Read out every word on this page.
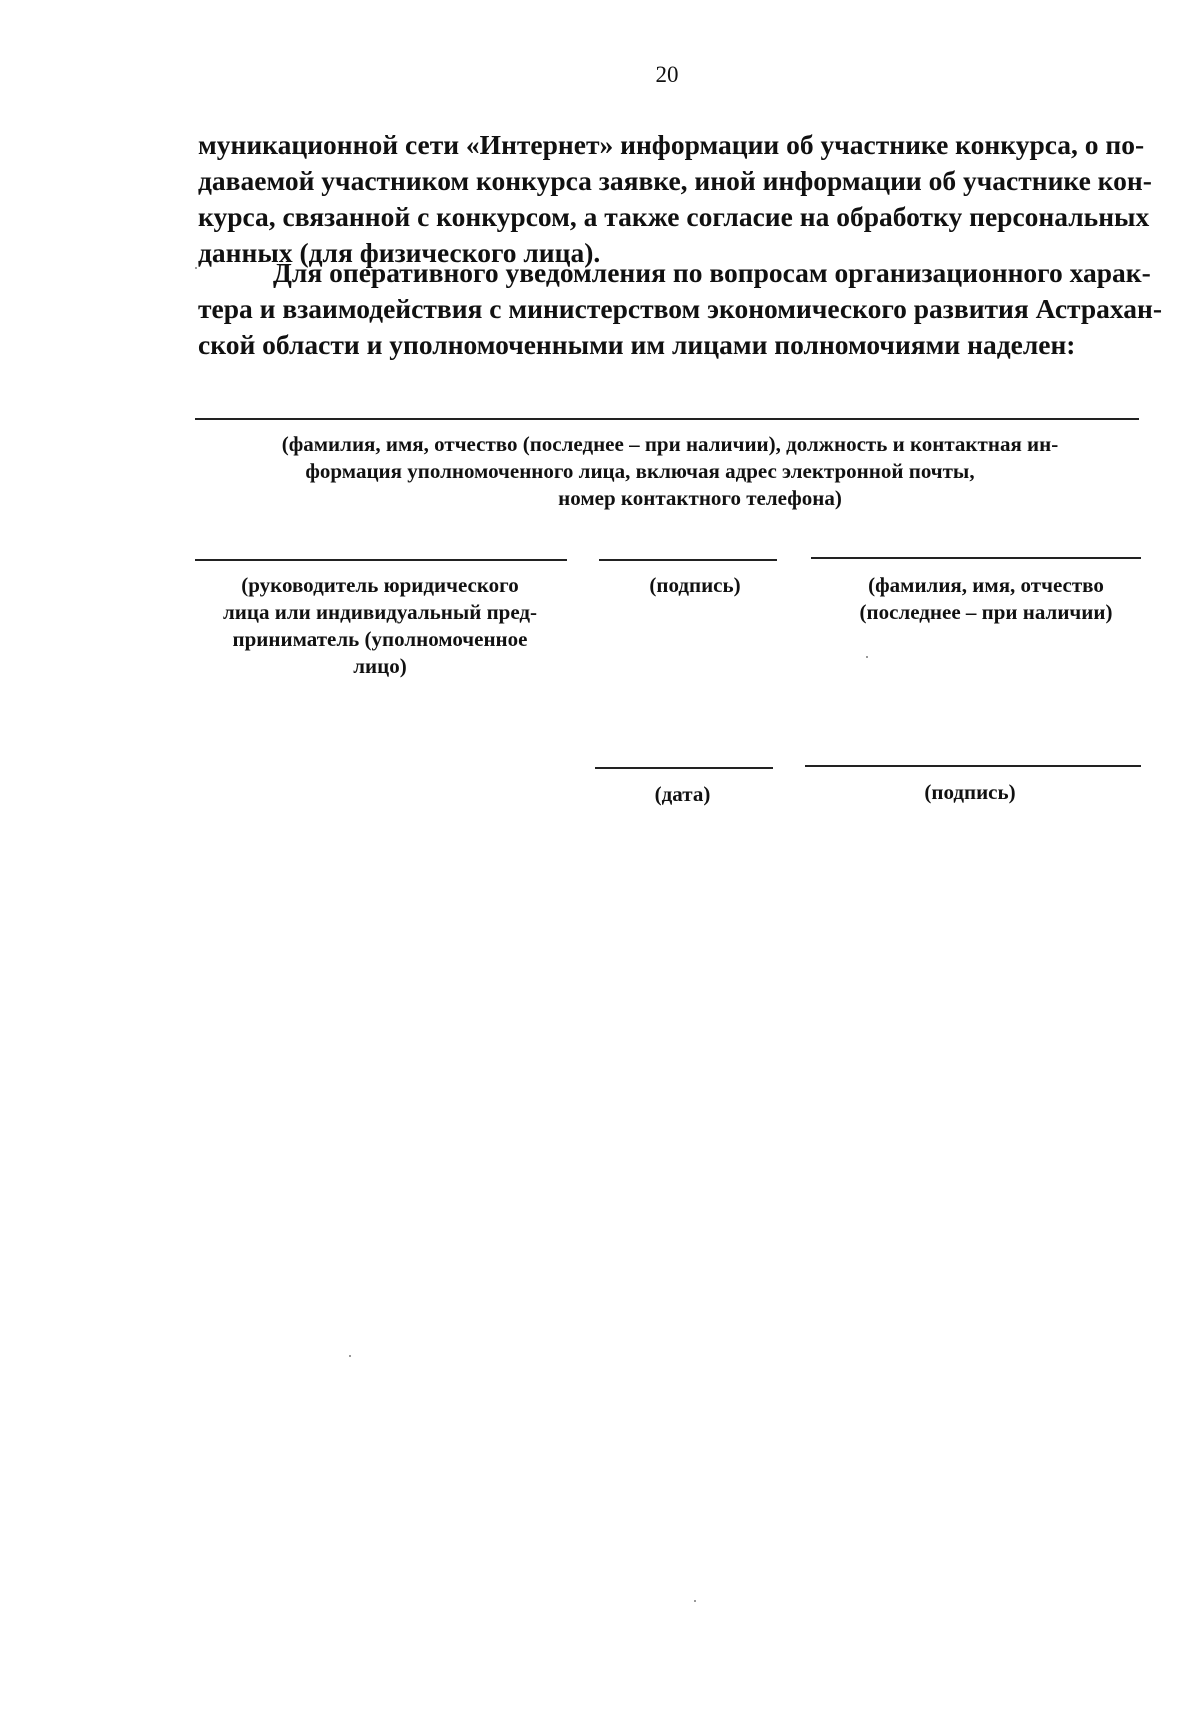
20

муникационной сети «Интернет» информации об участнике конкурса, о по-
даваемой участником конкурса заявке, иной информации об участнике кон-
курса, связанной с конкурсом, а также согласие на обработку персональных
данных (для физического лица).

Для оперативного уведомления по вопросам организационного харак-
тера и взаимодействия с министерством экономического развития Астрахан-
ской области и уполномоченными им лицами полномочиями наделен:

(фамилия, имя, отчество (последнее – при наличии), должность и контактная ин-
формация уполномоченного лица, включая адрес электронной почты,
номер контактного телефона)
(руководитель юридического
лица или индивидуальный пред-
приниматель (уполномоченное
лицо)
(подпись)	(фамилия, имя, отчество
(последнее – при наличии)
(дата)	(подпись)
